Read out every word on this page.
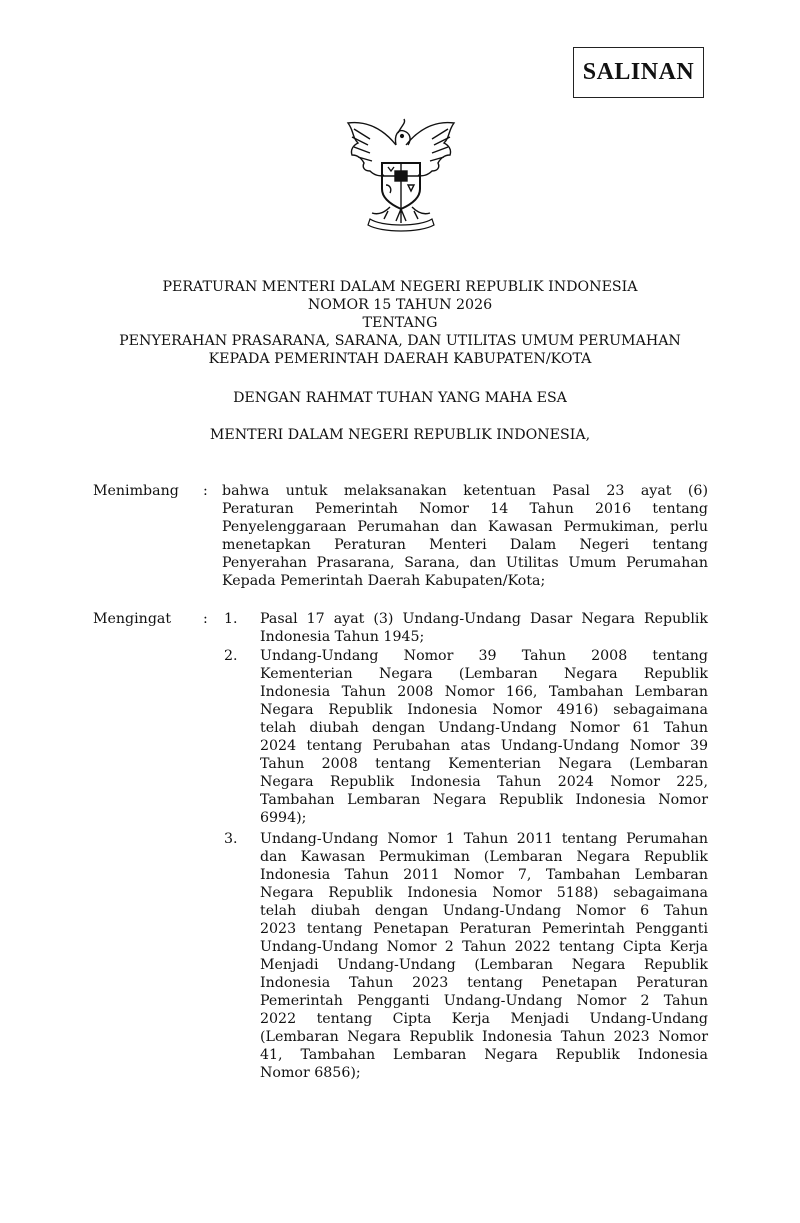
SALINAN
PERATURAN MENTERI DALAM NEGERI REPUBLIK INDONESIA
NOMOR 15 TAHUN 2026
TENTANG
PENYERAHAN PRASARANA, SARANA, DAN UTILITAS UMUM PERUMAHAN
KEPADA PEMERINTAH DAERAH KABUPATEN/KOTA
DENGAN RAHMAT TUHAN YANG MAHA ESA
MENTERI DALAM NEGERI REPUBLIK INDONESIA,
Menimbang : bahwa untuk melaksanakan ketentuan Pasal 23 ayat (6)
Peraturan Pemerintah Nomor 14 Tahun 2016 tentang
Penyelenggaraan Perumahan dan Kawasan Permukiman, perlu
menetapkan Peraturan Menteri Dalam Negeri tentang
Penyerahan Prasarana, Sarana, dan Utilitas Umum Perumahan
Kepada Pemerintah Daerah Kabupaten/Kota;
Mengingat : 1. Pasal 17 ayat (3) Undang-Undang Dasar Negara Republik
Indonesia Tahun 1945;
2. Undang-Undang Nomor 39 Tahun 2008 tentang
Kementerian Negara (Lembaran Negara Republik
Indonesia Tahun 2008 Nomor 166, Tambahan Lembaran
Negara Republik Indonesia Nomor 4916) sebagaimana
telah diubah dengan Undang-Undang Nomor 61 Tahun
2024 tentang Perubahan atas Undang-Undang Nomor 39
Tahun 2008 tentang Kementerian Negara (Lembaran
Negara Republik Indonesia Tahun 2024 Nomor 225,
Tambahan Lembaran Negara Republik Indonesia Nomor
6994);
3. Undang-Undang Nomor 1 Tahun 2011 tentang Perumahan
dan Kawasan Permukiman (Lembaran Negara Republik
Indonesia Tahun 2011 Nomor 7, Tambahan Lembaran
Negara Republik Indonesia Nomor 5188) sebagaimana
telah diubah dengan Undang-Undang Nomor 6 Tahun
2023 tentang Penetapan Peraturan Pemerintah Pengganti
Undang-Undang Nomor 2 Tahun 2022 tentang Cipta Kerja
Menjadi Undang-Undang (Lembaran Negara Republik
Indonesia Tahun 2023 tentang Penetapan Peraturan
Pemerintah Pengganti Undang-Undang Nomor 2 Tahun
2022 tentang Cipta Kerja Menjadi Undang-Undang
(Lembaran Negara Republik Indonesia Tahun 2023 Nomor
41, Tambahan Lembaran Negara Republik Indonesia
Nomor 6856);
